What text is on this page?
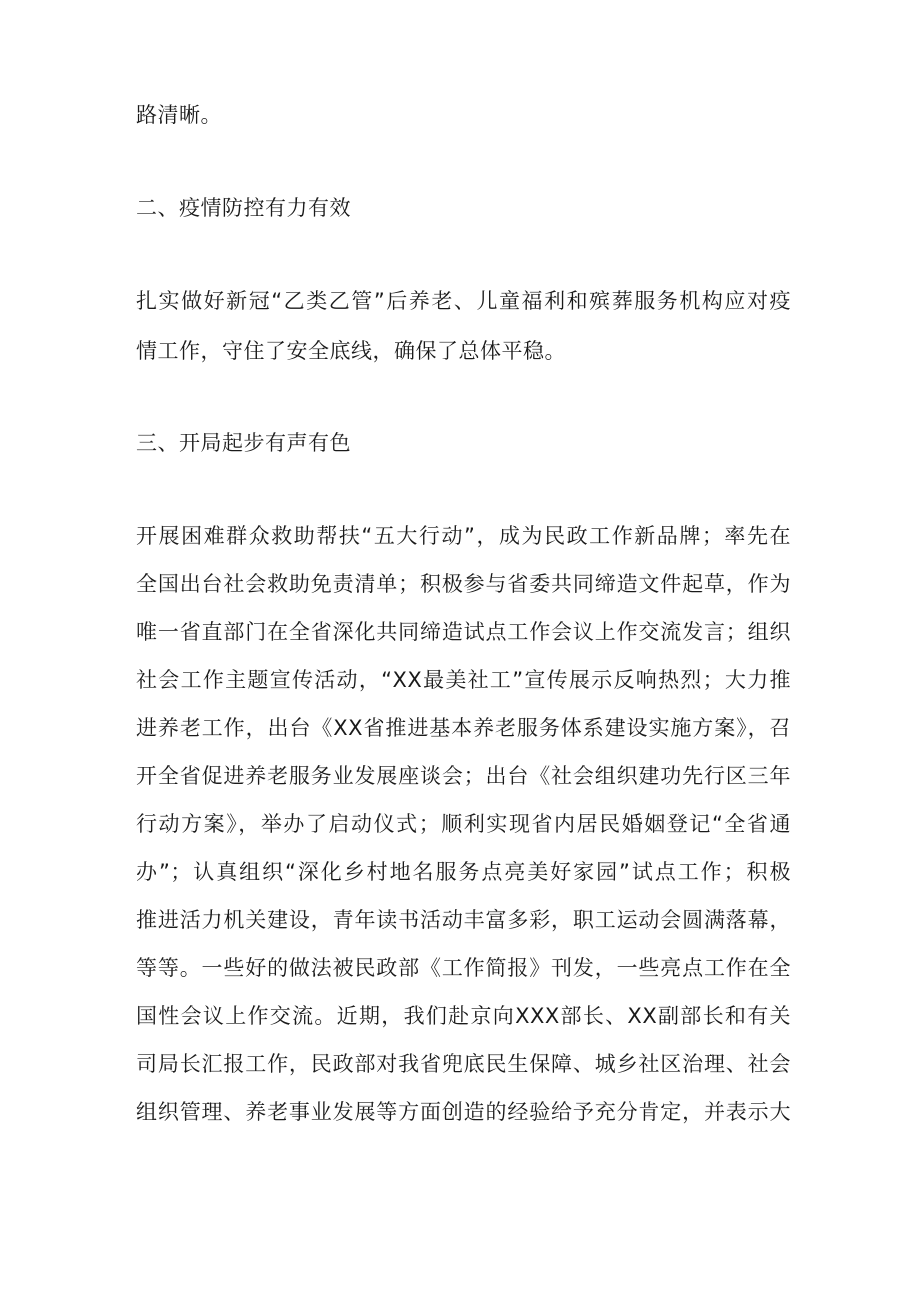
路清晰。
二、疫情防控有力有效
扎实做好新冠“乙类乙管”后养老、儿童福利和殡葬服务机构应对疫
情工作，守住了安全底线，确保了总体平稳。
三、开局起步有声有色
开展困难群众救助帮扶“五大行动”，成为民政工作新品牌；率先在
全国出台社会救助免责清单；积极参与省委共同缔造文件起草，作为
唯一省直部门在全省深化共同缔造试点工作会议上作交流发言；组织
社会工作主题宣传活动，“XX最美社工”宣传展示反响热烈；大力推
进养老工作，出台《XX省推进基本养老服务体系建设实施方案》，召
开全省促进养老服务业发展座谈会；出台《社会组织建功先行区三年
行动方案》，举办了启动仪式；顺利实现省内居民婚姻登记“全省通
办”；认真组织“深化乡村地名服务点亮美好家园”试点工作；积极
推进活力机关建设，青年读书活动丰富多彩，职工运动会圆满落幕，
等等。一些好的做法被民政部《工作简报》刊发，一些亮点工作在全
国性会议上作交流。近期，我们赴京向XXX部长、XX副部长和有关
司局长汇报工作，民政部对我省兜底民生保障、城乡社区治理、社会
组织管理、养老事业发展等方面创造的经验给予充分肯定，并表示大
